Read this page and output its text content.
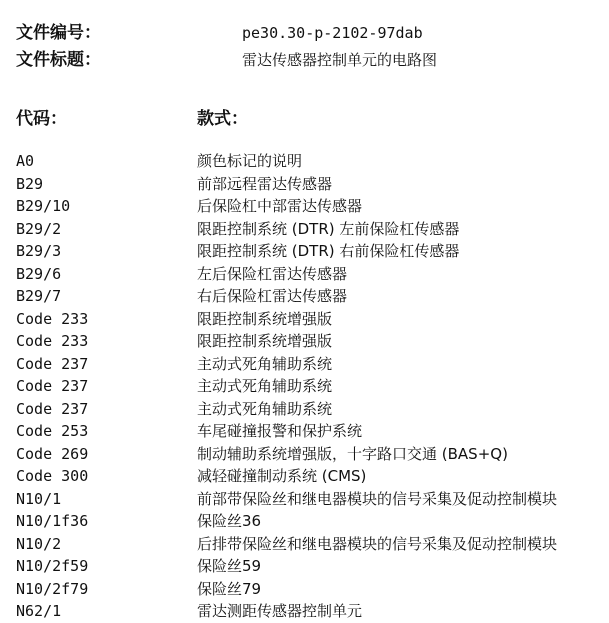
文件编号：	pe30.30-p-2102-97dab
文件标题：	雷达传感器控制单元的电路图
代码：	款式：
A0	颜色标记的说明
B29	前部远程雷达传感器
B29/10	后保险杠中部雷达传感器
B29/2	限距控制系统 (DTR) 左前保险杠传感器
B29/3	限距控制系统 (DTR) 右前保险杠传感器
B29/6	左后保险杠雷达传感器
B29/7	右后保险杠雷达传感器
Code 233	限距控制系统增强版
Code 233	限距控制系统增强版
Code 237	主动式死角辅助系统
Code 237	主动式死角辅助系统
Code 237	主动式死角辅助系统
Code 253	车尾碰撞报警和保护系统
Code 269	制动辅助系统增强版，十字路口交通 (BAS+Q)
Code 300	减轻碰撞制动系统 (CMS)
N10/1	前部带保险丝和继电器模块的信号采集及促动控制模块
N10/1f36	保险丝36
N10/2	后排带保险丝和继电器模块的信号采集及促动控制模块
N10/2f59	保险丝59
N10/2f79	保险丝79
N62/1	雷达测距传感器控制单元
